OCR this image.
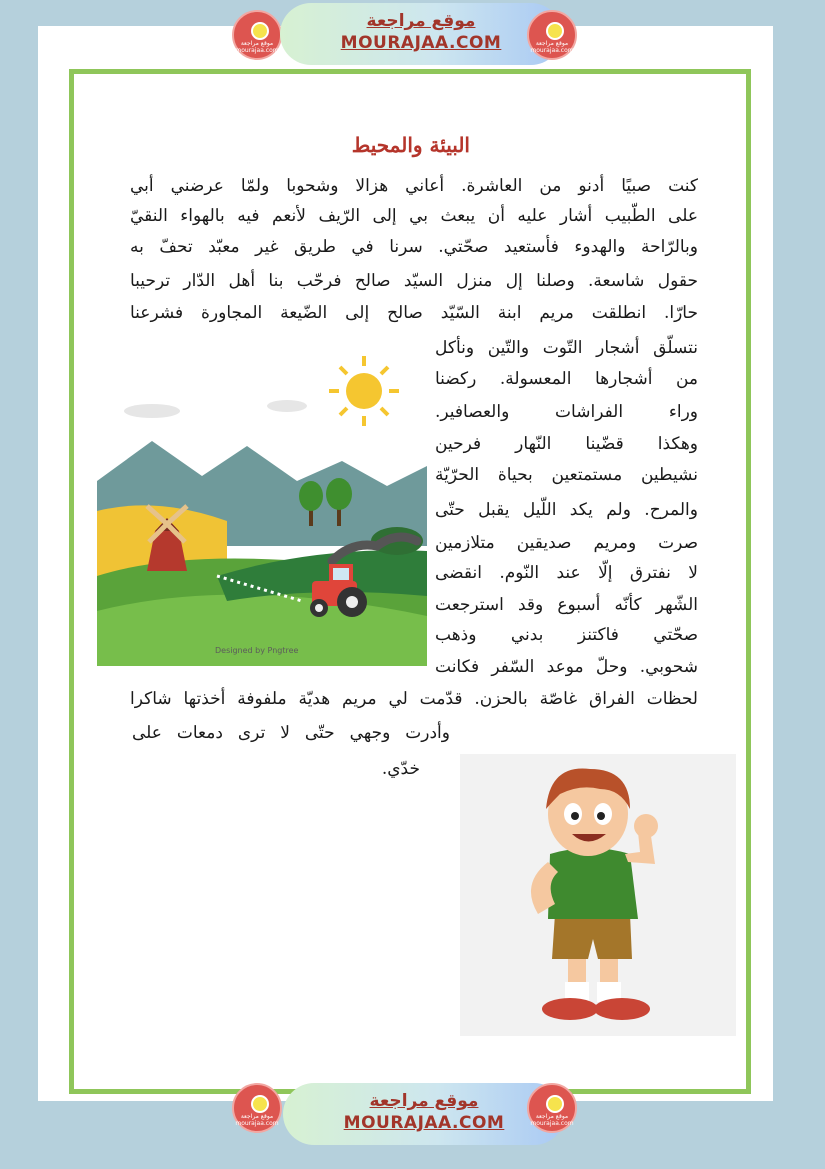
موقع مراجعة mourajaa.com
موقع مراجعة
MOURAJAA.COM	موقع مراجعة mourajaa.com
البيئة والمحيط
كنت صبيًا أدنو من العاشرة. أعاني هزالا وشحوبا ولمّا عرضني أبي
على الطّبيب أشار عليه أن يبعث بي إلى الرّيف لأنعم فيه بالهواء النقيّ
وبالرّاحة والهدوء فأستعيد صحّتي. سرنا في طريق غير معبّد تحفّ به
حقول شاسعة. وصلنا إل منزل السيّد صالح فرحّب بنا أهل الدّار ترحيبا
حارّا. انطلقت مريم ابنة السّيّد صالح إلى الضّيعة المجاورة فشرعنا
نتسلّق أشجار التّوت والتّين ونأكل
من أشجارها المعسولة. ركضنا
وراء الفراشات والعصافير.
وهكذا قضّينا النّهار فرحين
نشيطين مستمتعين بحياة الحرّيّة
والمرح. ولم يكد اللّيل يقبل حتّى
صرت ومريم صديقين متلازمين
لا نفترق إلّا عند النّوم. انقضى
الشّهر كأنّه أسبوع وقد استرجعت
صحّتي فاكتنز بدني وذهب
شحوبي. وحلّ موعد السّفر فكانت
لحظات الفراق غاصّة بالحزن. قدّمت لي مريم هديّة ملفوفة أخذتها شاكرا
وأدرت وجهي حتّى لا ترى دمعات على
خدّي.
Designed by Pngtree
موقع مراجعة mourajaa.com
موقع مراجعة
MOURAJAA.COM	موقع مراجعة mourajaa.com
